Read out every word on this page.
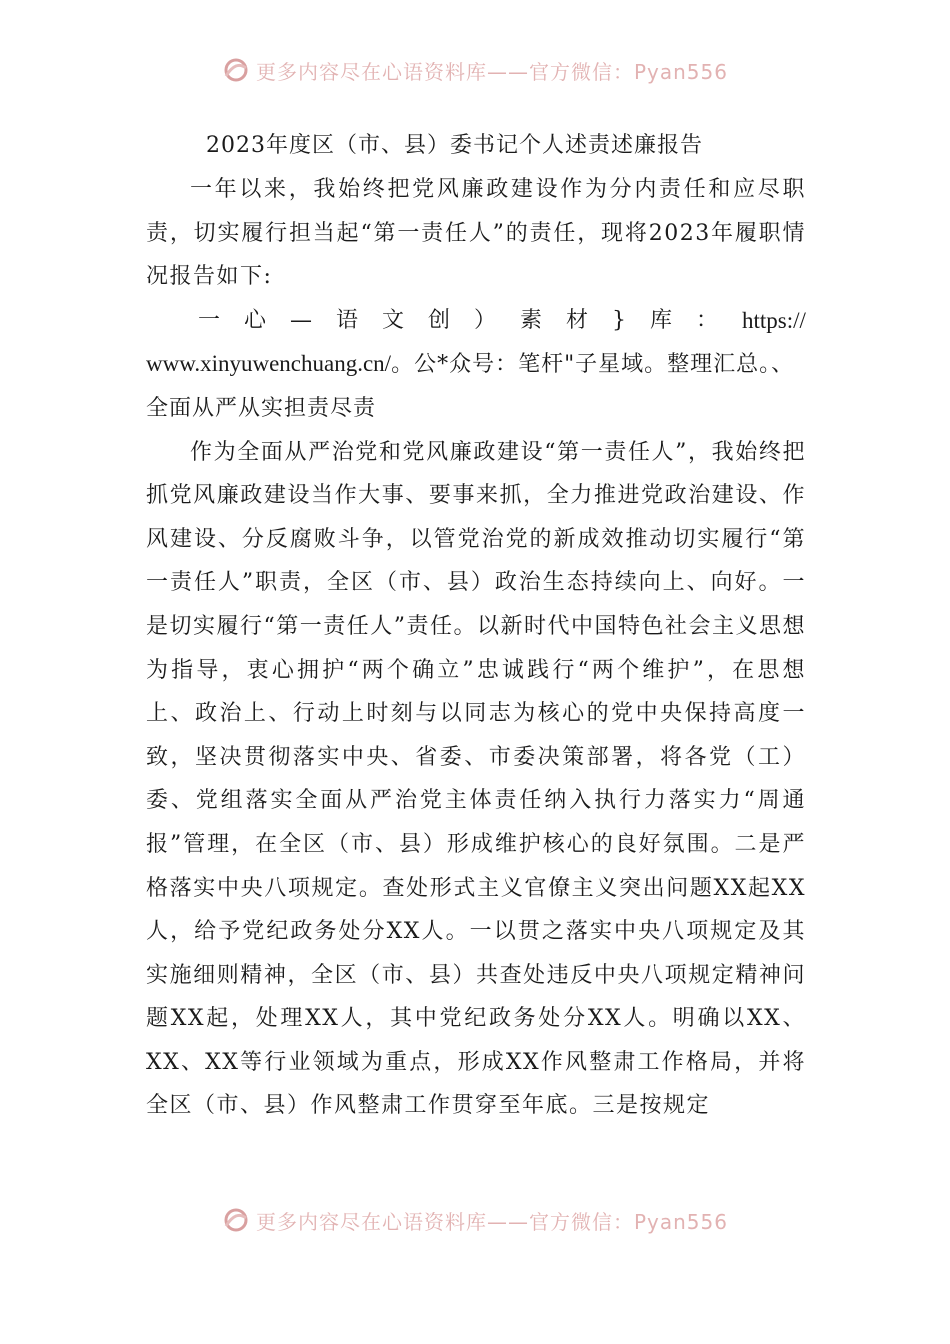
更多内容尽在心语资料库——官方微信：Pyan556

2023年度区（市、县）委书记个人述责述廉报告

一年以来，我始终把党风廉政建设作为分内责任和应尽职责，切实履行担当起“第一责任人”的责任，现将2023年履职情况报告如下:

一 心 — 语 文 创 ） 素 材 } 库 ： https://

www.xinyuwenchuang.cn/。公*众号：笔杆"子星域。整理汇总。、全面从严从实担责尽责

作为全面从严治党和党风廉政建设“第一责任人”，我始终把抓党风廉政建设当作大事、要事来抓，全力推进党政治建设、作风建设、分反腐败斗争，以管党治党的新成效推动切实履行“第一责任人”职责，全区（市、县）政治生态持续向上、向好。一是切实履行“第一责任人”责任。以新时代中国特色社会主义思想为指导，衷心拥护“两个确立”忠诚践行“两个维护”，在思想上、政治上、行动上时刻与以同志为核心的党中央保持高度一致，坚决贯彻落实中央、省委、市委决策部署，将各党（工）委、党组落实全面从严治党主体责任纳入执行力落实力“周通报”管理，在全区（市、县）形成维护核心的良好氛围。二是严格落实中央八项规定。查处形式主义官僚主义突出问题XX起XX人，给予党纪政务处分XX人。一以贯之落实中央八项规定及其实施细则精神，全区（市、县）共查处违反中央八项规定精神问题XX起，处理XX人，其中党纪政务处分XX人。明确以XX、XX、XX等行业领域为重点，形成XX作风整肃工作格局，并将全区（市、县）作风整肃工作贯穿至年底。三是按规定

更多内容尽在心语资料库——官方微信：Pyan556
